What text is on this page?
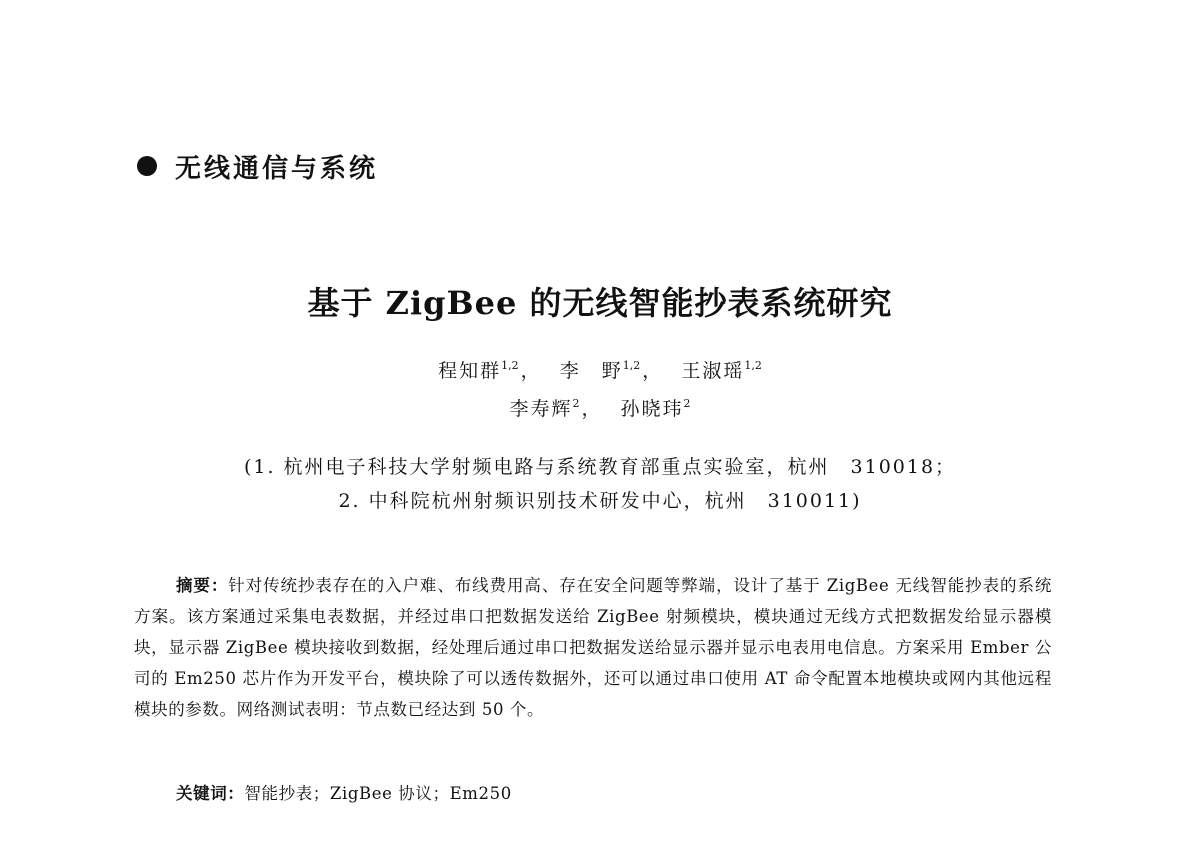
无线通信与系统
基于 ZigBee 的无线智能抄表系统研究
程知群$^{1,2}$ ， 李　野$^{1,2}$ ， 王淑瑶$^{1,2}$
李寿辉$^2$ ， 孙晓玮$^2$
(1. 杭州电子科技大学射频电路与系统教育部重点实验室，杭州　310018；
2. 中科院杭州射频识别技术研发中心，杭州　310011)

摘要：针对传统抄表存在的入户难、布线费用高、存在安全问题等弊端，设计了基于 ZigBee 无线智能抄表的系统方案。该方案通过采集电表数据，并经过串口把数据发送给 ZigBee 射频模块，模块通过无线方式把数据发给显示器模块，显示器 ZigBee 模块接收到数据，经处理后通过串口把数据发送给显示器并显示电表用电信息。方案采用 Ember 公司的 Em250 芯片作为开发平台，模块除了可以透传数据外，还可以通过串口使用 AT 命令配置本地模块或网内其他远程模块的参数。网络测试表明：节点数已经达到 50 个。

关键词：智能抄表；ZigBee 协议；Em250
